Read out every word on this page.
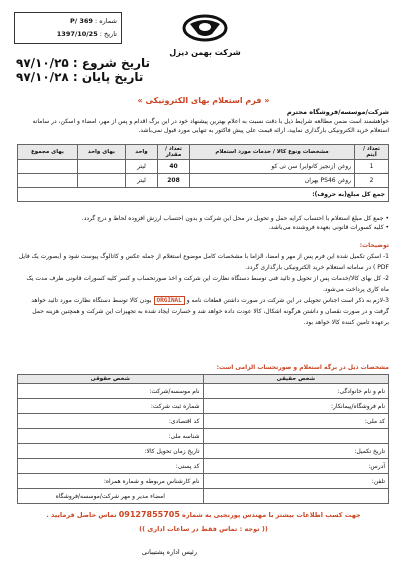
شماره : P/ 369
تاریخ : 1397/10/25
تاریخ شروع : ۹۷/۱۰/۲۵
تاریخ پایان : ۹۷/۱۰/۲۸
شرکت بهمن دیزل
« فرم استعلام بهای الکترونیکی »
شرکت/موسسه/فروشگاه محترم
خواهشمند است ضمن مطالعه شرایط ذیل با دقت نسبت به اعلام بهترین پیشنهاد خود در این برگ اقدام و پس از مهر، امضاء و اسکن، در سامانه استعلام خرید الکترونیکی بارگذاری نمایید، ارائه قیمت على پیش فاکتور به تنهایی مورد قبول نمی‌باشد.
تعداد / آیتم	مشخصات ونوع کالا / خدمات مورد استعلام	تعداد / مقدار	واحد	بهای واحد	بهای مجموع
1	روغن (زنجیر کانوایر) سن تی کو	40	لیتر		
2	روغن PS46 بهران	208	لیتر		
جمع کل مبلغ(به حروف):					
• جمع کل مبلغ استعلام با احتساب کرایه حمل و تحویل در محل این شرکت و بدون احتساب ارزش افزوده لحاظ و درج گردد.
• کلیه کسورات قانونی بعهده فروشنده می‌باشد.
توضیحات:
1- اسکن تکمیل شده این فرم پس از مهر و امضا، الزاما با مشخصات کامل موضوع استعلام از جمله عکس و کاتالوگ پیوست شود و (بصورت یک فایل PDF ) در سامانه استعلام خرید الکترونیکی بارگذاری گردد.
2- کل بهای کالا/خدمات پس از تحویل و تائید فنی توسط دستگاه نظارت این شرکت و اخذ صورتحساب و کسر کلیه کسورات قانونی ظرف مدت یک ماه کاری پرداخت می‌شود.
3-لازم به ذکر است اجناس تحویلی در این شرکت در صورت داشتن قطعات نامه و ORGINAL بودن کالا توسط دستگاه نظارت مورد تائید خواهد گرفت و در صورت نقصان و داشتن هرگونه اشکال، کالا عودت داده خواهد شد و خسارت ایجاد شده به تجهیزات این شرکت و همچنین هزینه حمل برعهده تامین کننده کالا خواهد بود.
مشخصات ذیل در برگه استعلام و صورتحساب الزامی است:
شخص حقیقی	شخص حقوقی
نام و نام خانوادگی:	نام موسسه/شرکت:
نام فروشگاه/پیمانکار:	شماره ثبت شرکت:
کد ملی:	کد اقتصادی:
	شناسه ملی:
تاریخ تکمیل:	تاریخ زمان تحویل کالا:
آدرس:	کد پستی:
تلفن:	نام کارشناس مربوطه و شماره همراه:
	امضاء مدیر و مهر شرکت/موسسه/فروشگاه
جهت کسب اطلاعات بیشتر با مهندس پورنجبی به شماره 09127855705 تماس حاصل فرمایید .
(( توجه : تماس فقط در ساعات اداری ))
رئیس اداره پشتیبانی
